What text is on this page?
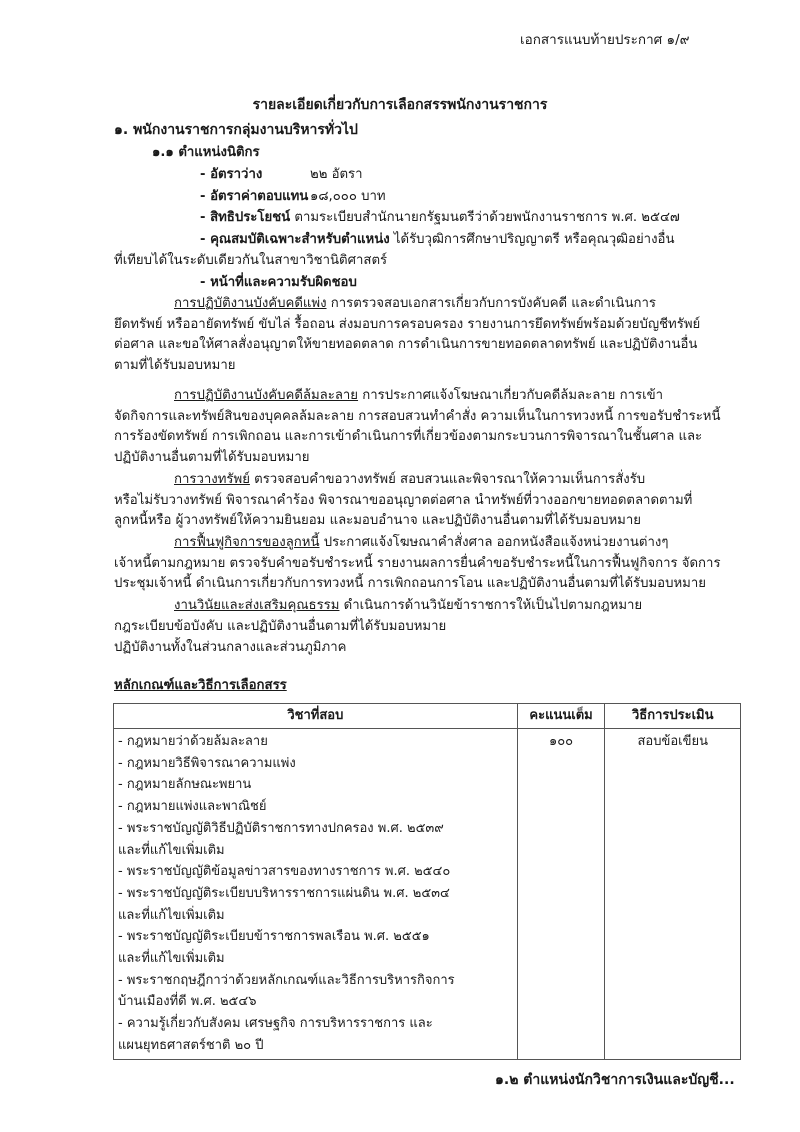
เอกสารแนบท้ายประกาศ ๑/๙
รายละเอียดเกี่ยวกับการเลือกสรรพนักงานราชการ
๑. พนักงานราชการกลุ่มงานบริหารทั่วไป
๑.๑ ตำแหน่งนิติกร
- อัตราว่าง	๒๒ อัตรา
- อัตราค่าตอบแทน ๑๘,๐๐๐ บาท
- สิทธิประโยชน์ ตามระเบียบสำนักนายกรัฐมนตรีว่าด้วยพนักงานราชการ พ.ศ. ๒๕๔๗
- คุณสมบัติเฉพาะสำหรับตำแหน่ง ได้รับวุฒิการศึกษาปริญญาตรี หรือคุณวุฒิอย่างอื่น
ที่เทียบได้ในระดับเดียวกันในสาขาวิชานิติศาสตร์
- หน้าที่และความรับผิดชอบ
การปฏิบัติงานบังคับคดีแพ่ง การตรวจสอบเอกสารเกี่ยวกับการบังคับคดี และดำเนินการ
ยึดทรัพย์ หรืออายัดทรัพย์ ขับไล่ รื้อถอน ส่งมอบการครอบครอง รายงานการยึดทรัพย์พร้อมด้วยบัญชีทรัพย์
ต่อศาล และขอให้ศาลสั่งอนุญาตให้ขายทอดตลาด การดำเนินการขายทอดตลาดทรัพย์ และปฏิบัติงานอื่น
ตามที่ได้รับมอบหมาย
การปฏิบัติงานบังคับคดีล้มละลาย การประกาศแจ้งโฆษณาเกี่ยวกับคดีล้มละลาย การเข้า
จัดกิจการและทรัพย์สินของบุคคลล้มละลาย การสอบสวนทำคำสั่ง ความเห็นในการทวงหนี้ การขอรับชำระหนี้
การร้องขัดทรัพย์ การเพิกถอน และการเข้าดำเนินการที่เกี่ยวข้องตามกระบวนการพิจารณาในชั้นศาล และ
ปฏิบัติงานอื่นตามที่ได้รับมอบหมาย
การวางทรัพย์ ตรวจสอบคำขอวางทรัพย์ สอบสวนและพิจารณาให้ความเห็นการสั่งรับ
หรือไม่รับวางทรัพย์ พิจารณาคำร้อง พิจารณาขออนุญาตต่อศาล นำทรัพย์ที่วางออกขายทอดตลาดตามที่
ลูกหนี้หรือ ผู้วางทรัพย์ให้ความยินยอม และมอบอำนาจ และปฏิบัติงานอื่นตามที่ได้รับมอบหมาย
การฟื้นฟูกิจการของลูกหนี้ ประกาศแจ้งโฆษณาคำสั่งศาล ออกหนังสือแจ้งหน่วยงานต่างๆ
เจ้าหนี้ตามกฎหมาย ตรวจรับคำขอรับชำระหนี้ รายงานผลการยื่นคำขอรับชำระหนี้ในการฟื้นฟูกิจการ จัดการ
ประชุมเจ้าหนี้ ดำเนินการเกี่ยวกับการทวงหนี้ การเพิกถอนการโอน และปฏิบัติงานอื่นตามที่ได้รับมอบหมาย
งานวินัยและส่งเสริมคุณธรรม ดำเนินการด้านวินัยข้าราชการให้เป็นไปตามกฎหมาย
กฎระเบียบข้อบังคับ และปฏิบัติงานอื่นตามที่ได้รับมอบหมาย
ปฏิบัติงานทั้งในส่วนกลางและส่วนภูมิภาค
หลักเกณฑ์และวิธีการเลือกสรร
วิชาที่สอบ	คะแนนเต็ม	วิธีการประเมิน

- กฎหมายว่าด้วยล้มละลาย
- กฎหมายวิธีพิจารณาความแพ่ง
- กฎหมายลักษณะพยาน
- กฎหมายแพ่งและพาณิชย์
- พระราชบัญญัติวิธีปฏิบัติราชการทางปกครอง พ.ศ. ๒๕๓๙
และที่แก้ไขเพิ่มเติม
- พระราชบัญญัติข้อมูลข่าวสารของทางราชการ พ.ศ. ๒๕๔๐
- พระราชบัญญัติระเบียบบริหารราชการแผ่นดิน พ.ศ. ๒๕๓๔
และที่แก้ไขเพิ่มเติม
- พระราชบัญญัติระเบียบข้าราชการพลเรือน พ.ศ. ๒๕๕๑
และที่แก้ไขเพิ่มเติม
- พระราชกฤษฎีกาว่าด้วยหลักเกณฑ์และวิธีการบริหารกิจการ
บ้านเมืองที่ดี พ.ศ. ๒๕๔๖
- ความรู้เกี่ยวกับสังคม เศรษฐกิจ การบริหารราชการ และ
แผนยุทธศาสตร์ชาติ ๒๐ ปี
	๑๐๐	สอบข้อเขียน
๑.๒ ตำแหน่งนักวิชาการเงินและบัญชี...
